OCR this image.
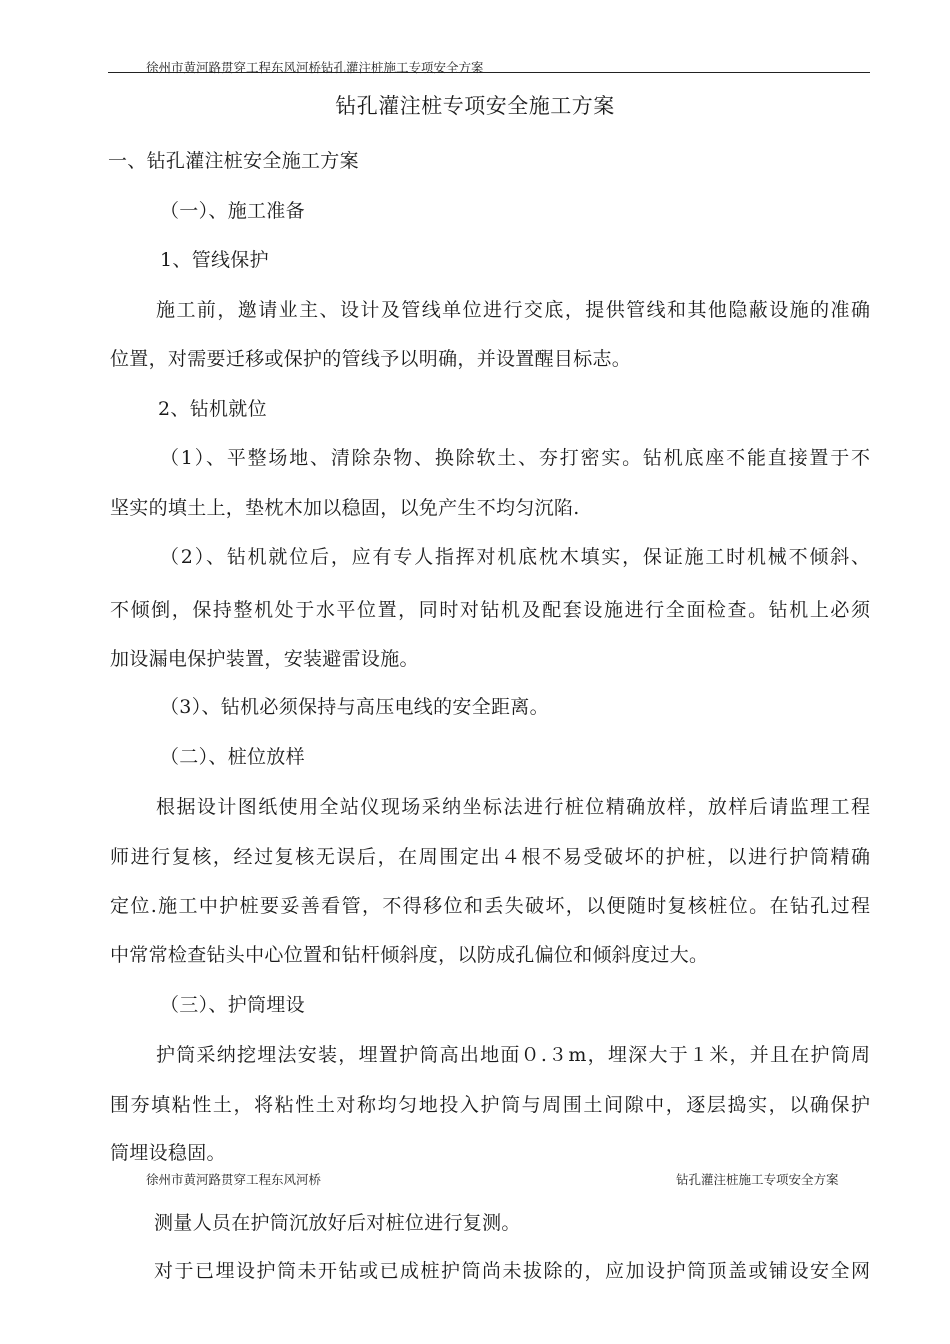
徐州市黄河路贯穿工程东风河桥钻孔灌注桩施工专项安全方案
钻孔灌注桩专项安全施工方案
一、钻孔灌注桩安全施工方案
（一）、施工准备
1、管线保护
施工前，邀请业主、设计及管线单位进行交底，提供管线和其他隐蔽设施的准确
位置，对需要迁移或保护的管线予以明确，并设置醒目标志。
2、钻机就位
（1）、平整场地、清除杂物、换除软土、夯打密实。钻机底座不能直接置于不
坚实的填土上，垫枕木加以稳固，以免产生不均匀沉陷.
（2）、钻机就位后，应有专人指挥对机底枕木填实，保证施工时机械不倾斜、
不倾倒，保持整机处于水平位置，同时对钻机及配套设施进行全面检查。钻机上必须
加设漏电保护装置，安装避雷设施。
（3）、钻机必须保持与高压电线的安全距离。
（二）、桩位放样
根据设计图纸使用全站仪现场采纳坐标法进行桩位精确放样，放样后请监理工程
师进行复核，经过复核无误后，在周围定出４根不易受破坏的护桩，以进行护筒精确
定位.施工中护桩要妥善看管，不得移位和丢失破坏，以便随时复核桩位。在钻孔过程
中常常检查钻头中心位置和钻杆倾斜度，以防成孔偏位和倾斜度过大。
（三）、护筒埋设
护筒采纳挖埋法安装，埋置护筒高出地面０.３m，埋深大于１米，并且在护筒周
围夯填粘性土，将粘性土对称均匀地投入护筒与周围土间隙中，逐层捣实，以确保护
筒埋设稳固。
徐州市黄河路贯穿工程东风河桥	钻孔灌注桩施工专项安全方案
测量人员在护筒沉放好后对桩位进行复测。
对于已埋设护筒未开钻或已成桩护筒尚未拔除的，应加设护筒顶盖或铺设安全网
